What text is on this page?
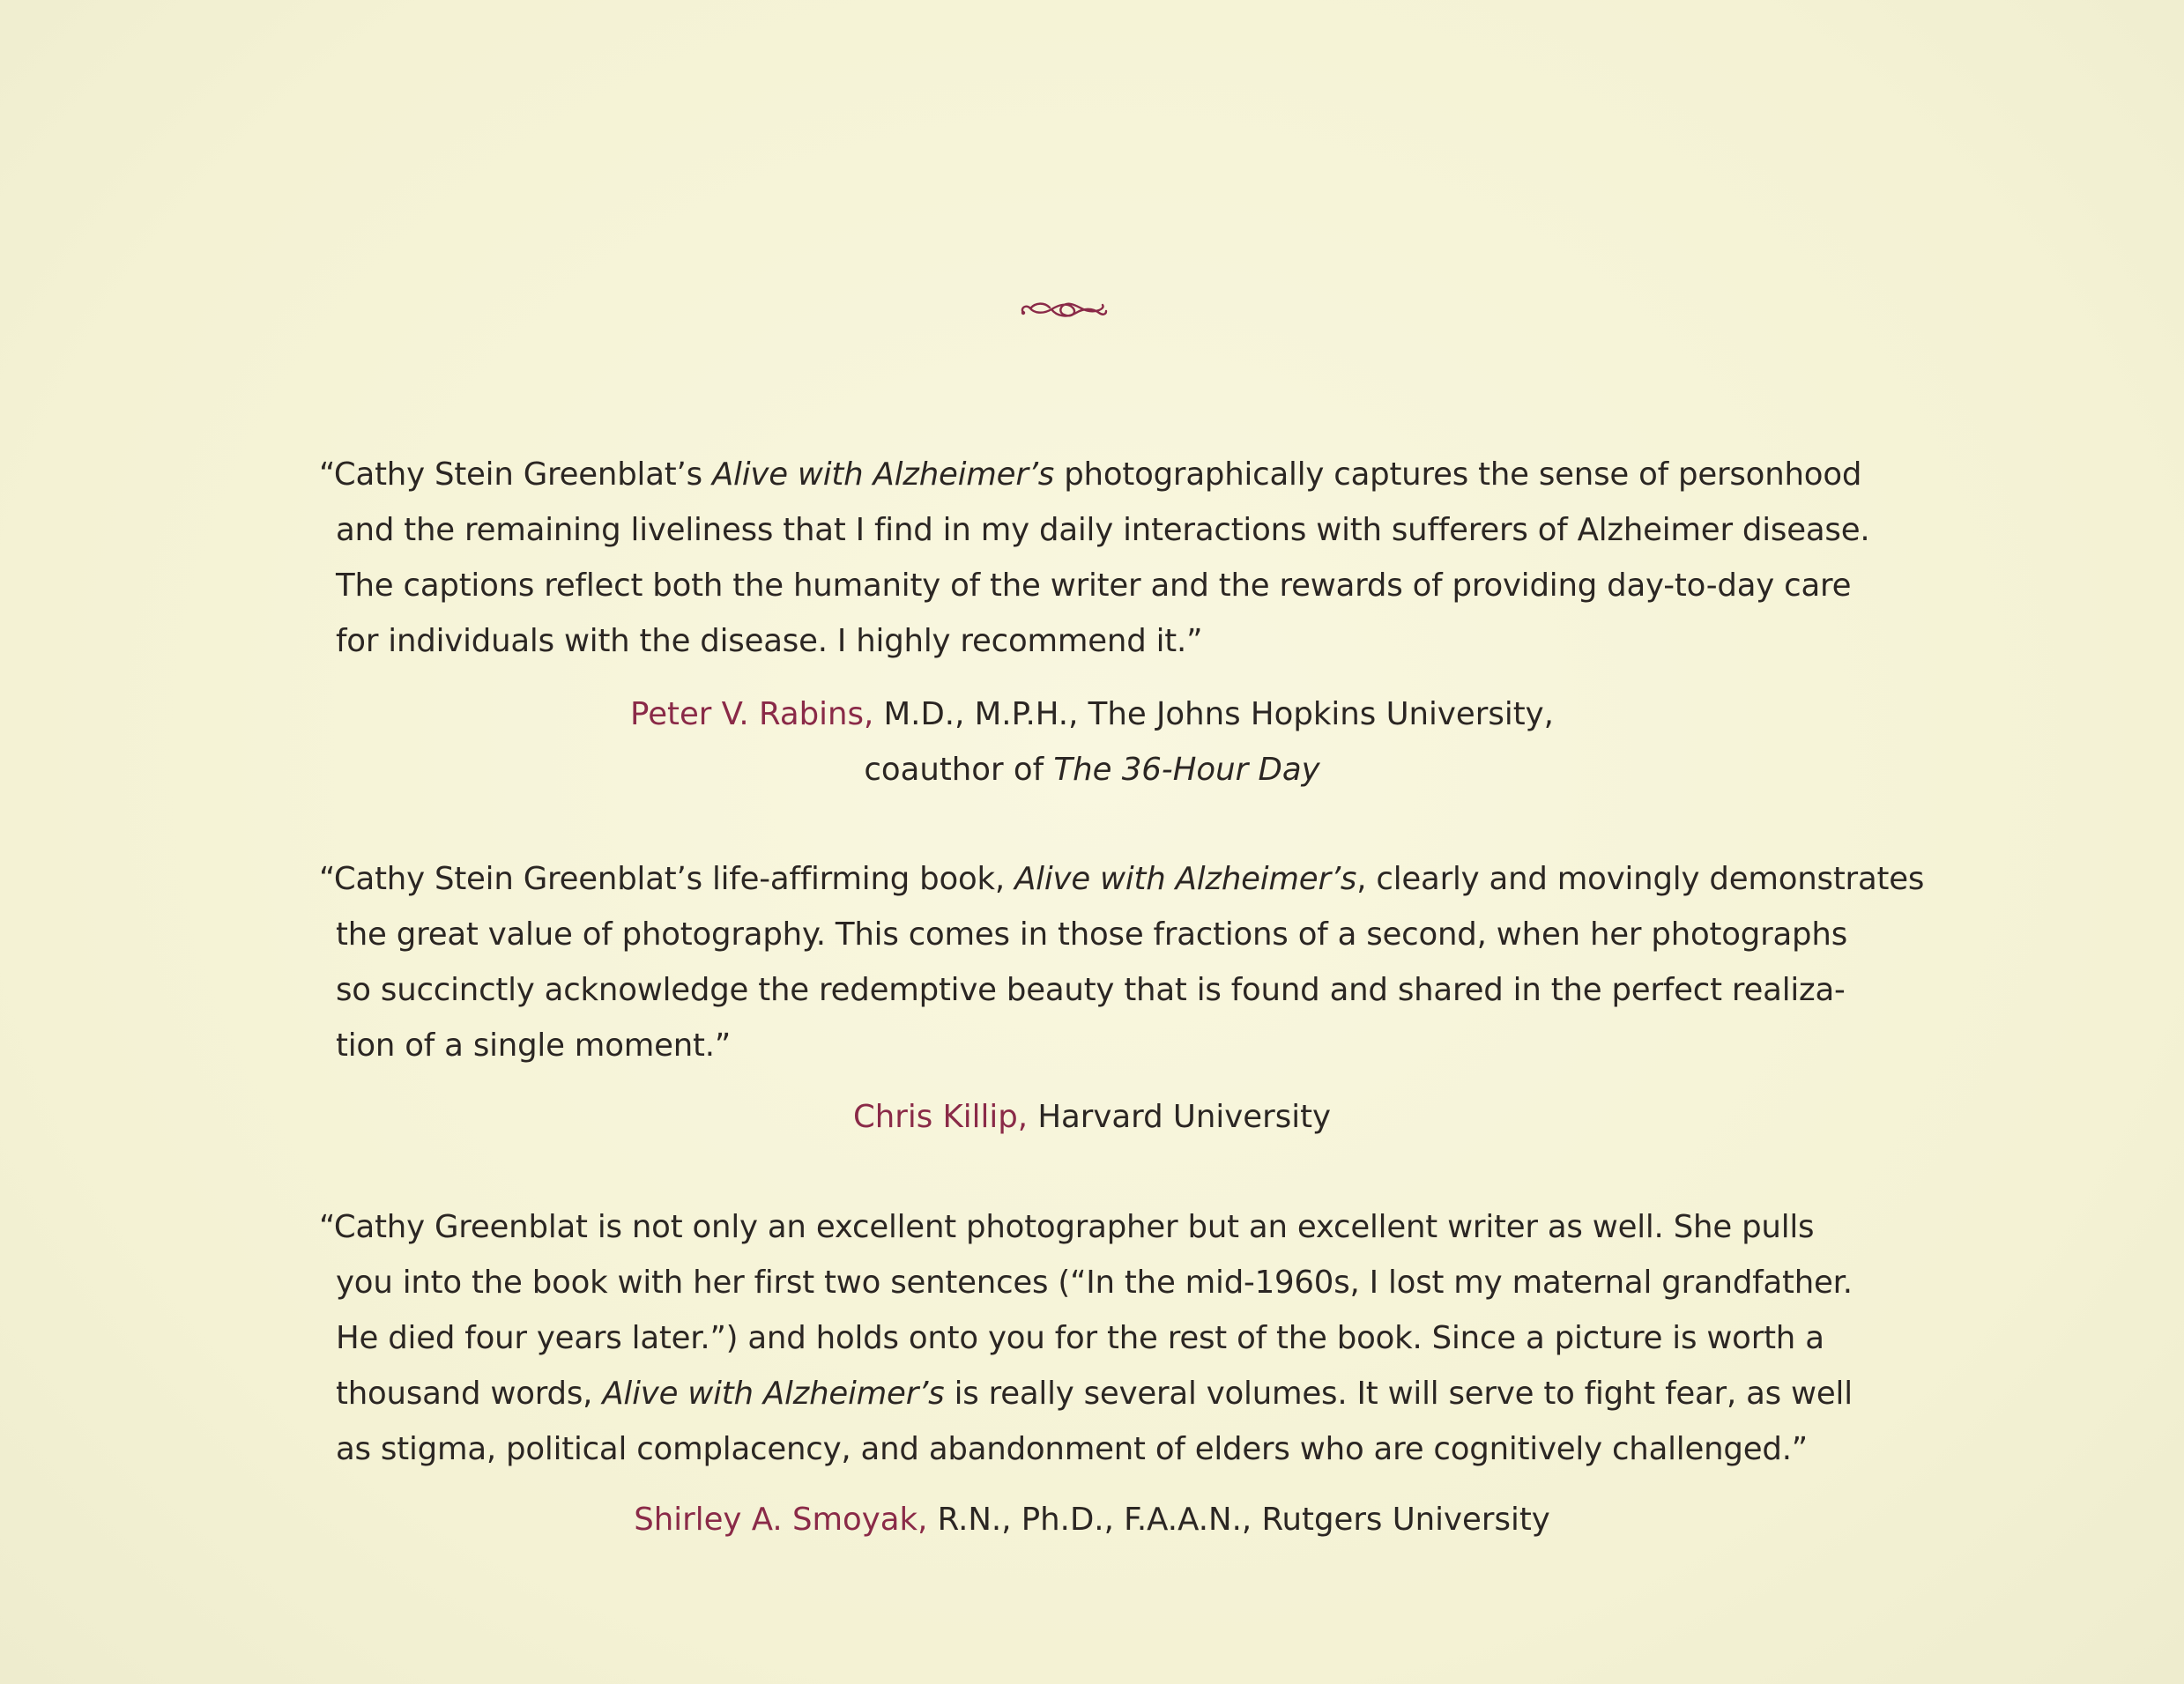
“Cathy Stein Greenblat’s Alive with Alzheimer’s photographically captures the sense of personhood
and the remaining liveliness that I find in my daily interactions with sufferers of Alzheimer disease.
The captions reflect both the humanity of the writer and the rewards of providing day-to-day care
for individuals with the disease. I highly recommend it.”

Peter V. Rabins, M.D., M.P.H., The Johns Hopkins University,
coauthor of The 36-Hour Day

“Cathy Stein Greenblat’s life-affirming book, Alive with Alzheimer’s, clearly and movingly demonstrates
the great value of photography. This comes in those fractions of a second, when her photographs
so succinctly acknowledge the redemptive beauty that is found and shared in the perfect realiza-
tion of a single moment.”

Chris Killip, Harvard University

“Cathy Greenblat is not only an excellent photographer but an excellent writer as well. She pulls
you into the book with her first two sentences (“In the mid-1960s, I lost my maternal grandfather.
He died four years later.”) and holds onto you for the rest of the book. Since a picture is worth a
thousand words, Alive with Alzheimer’s is really several volumes. It will serve to fight fear, as well
as stigma, political complacency, and abandonment of elders who are cognitively challenged.”

Shirley A. Smoyak, R.N., Ph.D., F.A.A.N., Rutgers University
